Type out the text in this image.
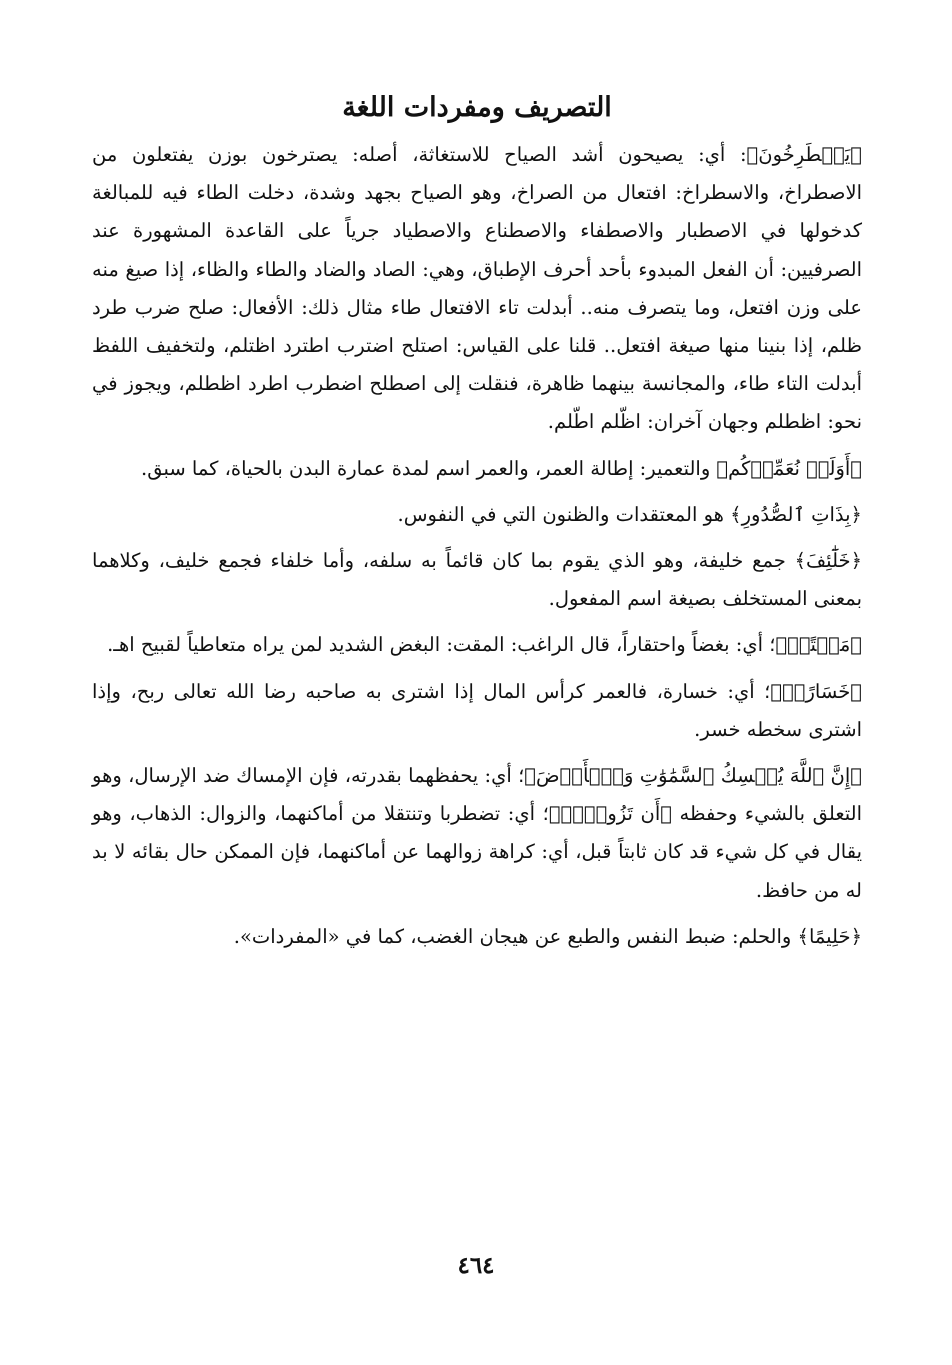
التصريف ومفردات اللغة

﴿يَصۡطَرِخُونَ﴾: أي: يصيحون أشد الصياح للاستغاثة، أصله: يصترخون بوزن يفتعلون من الاصطراخ، والاسطراخ: افتعال من الصراخ، وهو الصياح بجهد وشدة، دخلت الطاء فيه للمبالغة كدخولها في الاصطبار والاصطفاء والاصطناع والاصطياد جرياً على القاعدة المشهورة عند الصرفيين: أن الفعل المبدوء بأحد أحرف الإطباق، وهي: الصاد والضاد والطاء والظاء، إذا صيغ منه على وزن افتعل، وما يتصرف منه.. أبدلت تاء الافتعال طاء مثال ذلك: الأفعال: صلح ضرب طرد ظلم، إذا بنينا منها صيغة افتعل.. قلنا على القياس: اصتلح اضترب اطترد اظتلم، ولتخفيف اللفظ أبدلت التاء طاء، والمجانسة بينهما ظاهرة، فنقلت إلى اصطلح اضطرب اطرد اظطلم، ويجوز في نحو: اظطلم وجهان آخران: اظّلم اطّلم.

﴿أَوَلَمۡ نُعَمِّرۡكُم﴾ والتعمير: إطالة العمر، والعمر اسم لمدة عمارة البدن بالحياة، كما سبق.

﴿بِذَاتِ ٱلصُّدُورِ﴾ هو المعتقدات والظنون التي في النفوس.

﴿خَلَٰٓئِفَ﴾ جمع خليفة، وهو الذي يقوم بما كان قائماً به سلفه، وأما خلفاء فجمع خليف، وكلاهما بمعنى المستخلف بصيغة اسم المفعول.

﴿مَقۡتًاۖ﴾؛ أي: بغضاً واحتقاراً، قال الراغب: المقت: البغض الشديد لمن يراه متعاطياً لقبيح اهـ.

﴿خَسَارًاۖ﴾؛ أي: خسارة، فالعمر كرأس المال إذا اشترى به صاحبه رضا الله تعالى ربح، وإذا اشترى سخطه خسر.

﴿إِنَّ ٱللَّهَ يُمۡسِكُ ٱلسَّمَٰوَٰتِ وَٱلۡأَرۡضَ﴾؛ أي: يحفظهما بقدرته، فإن الإمساك ضد الإرسال، وهو التعلق بالشيء وحفظه ﴿أَن تَزُولَاۚ﴾؛ أي: تضطربا وتنتقلا من أماكنهما، والزوال: الذهاب، وهو يقال في كل شيء قد كان ثابتاً قبل، أي: كراهة زوالهما عن أماكنهما، فإن الممكن حال بقائه لا بد له من حافظ.

﴿حَلِيمًا﴾ والحلم: ضبط النفس والطبع عن هيجان الغضب، كما في «المفردات».

٤٦٤
